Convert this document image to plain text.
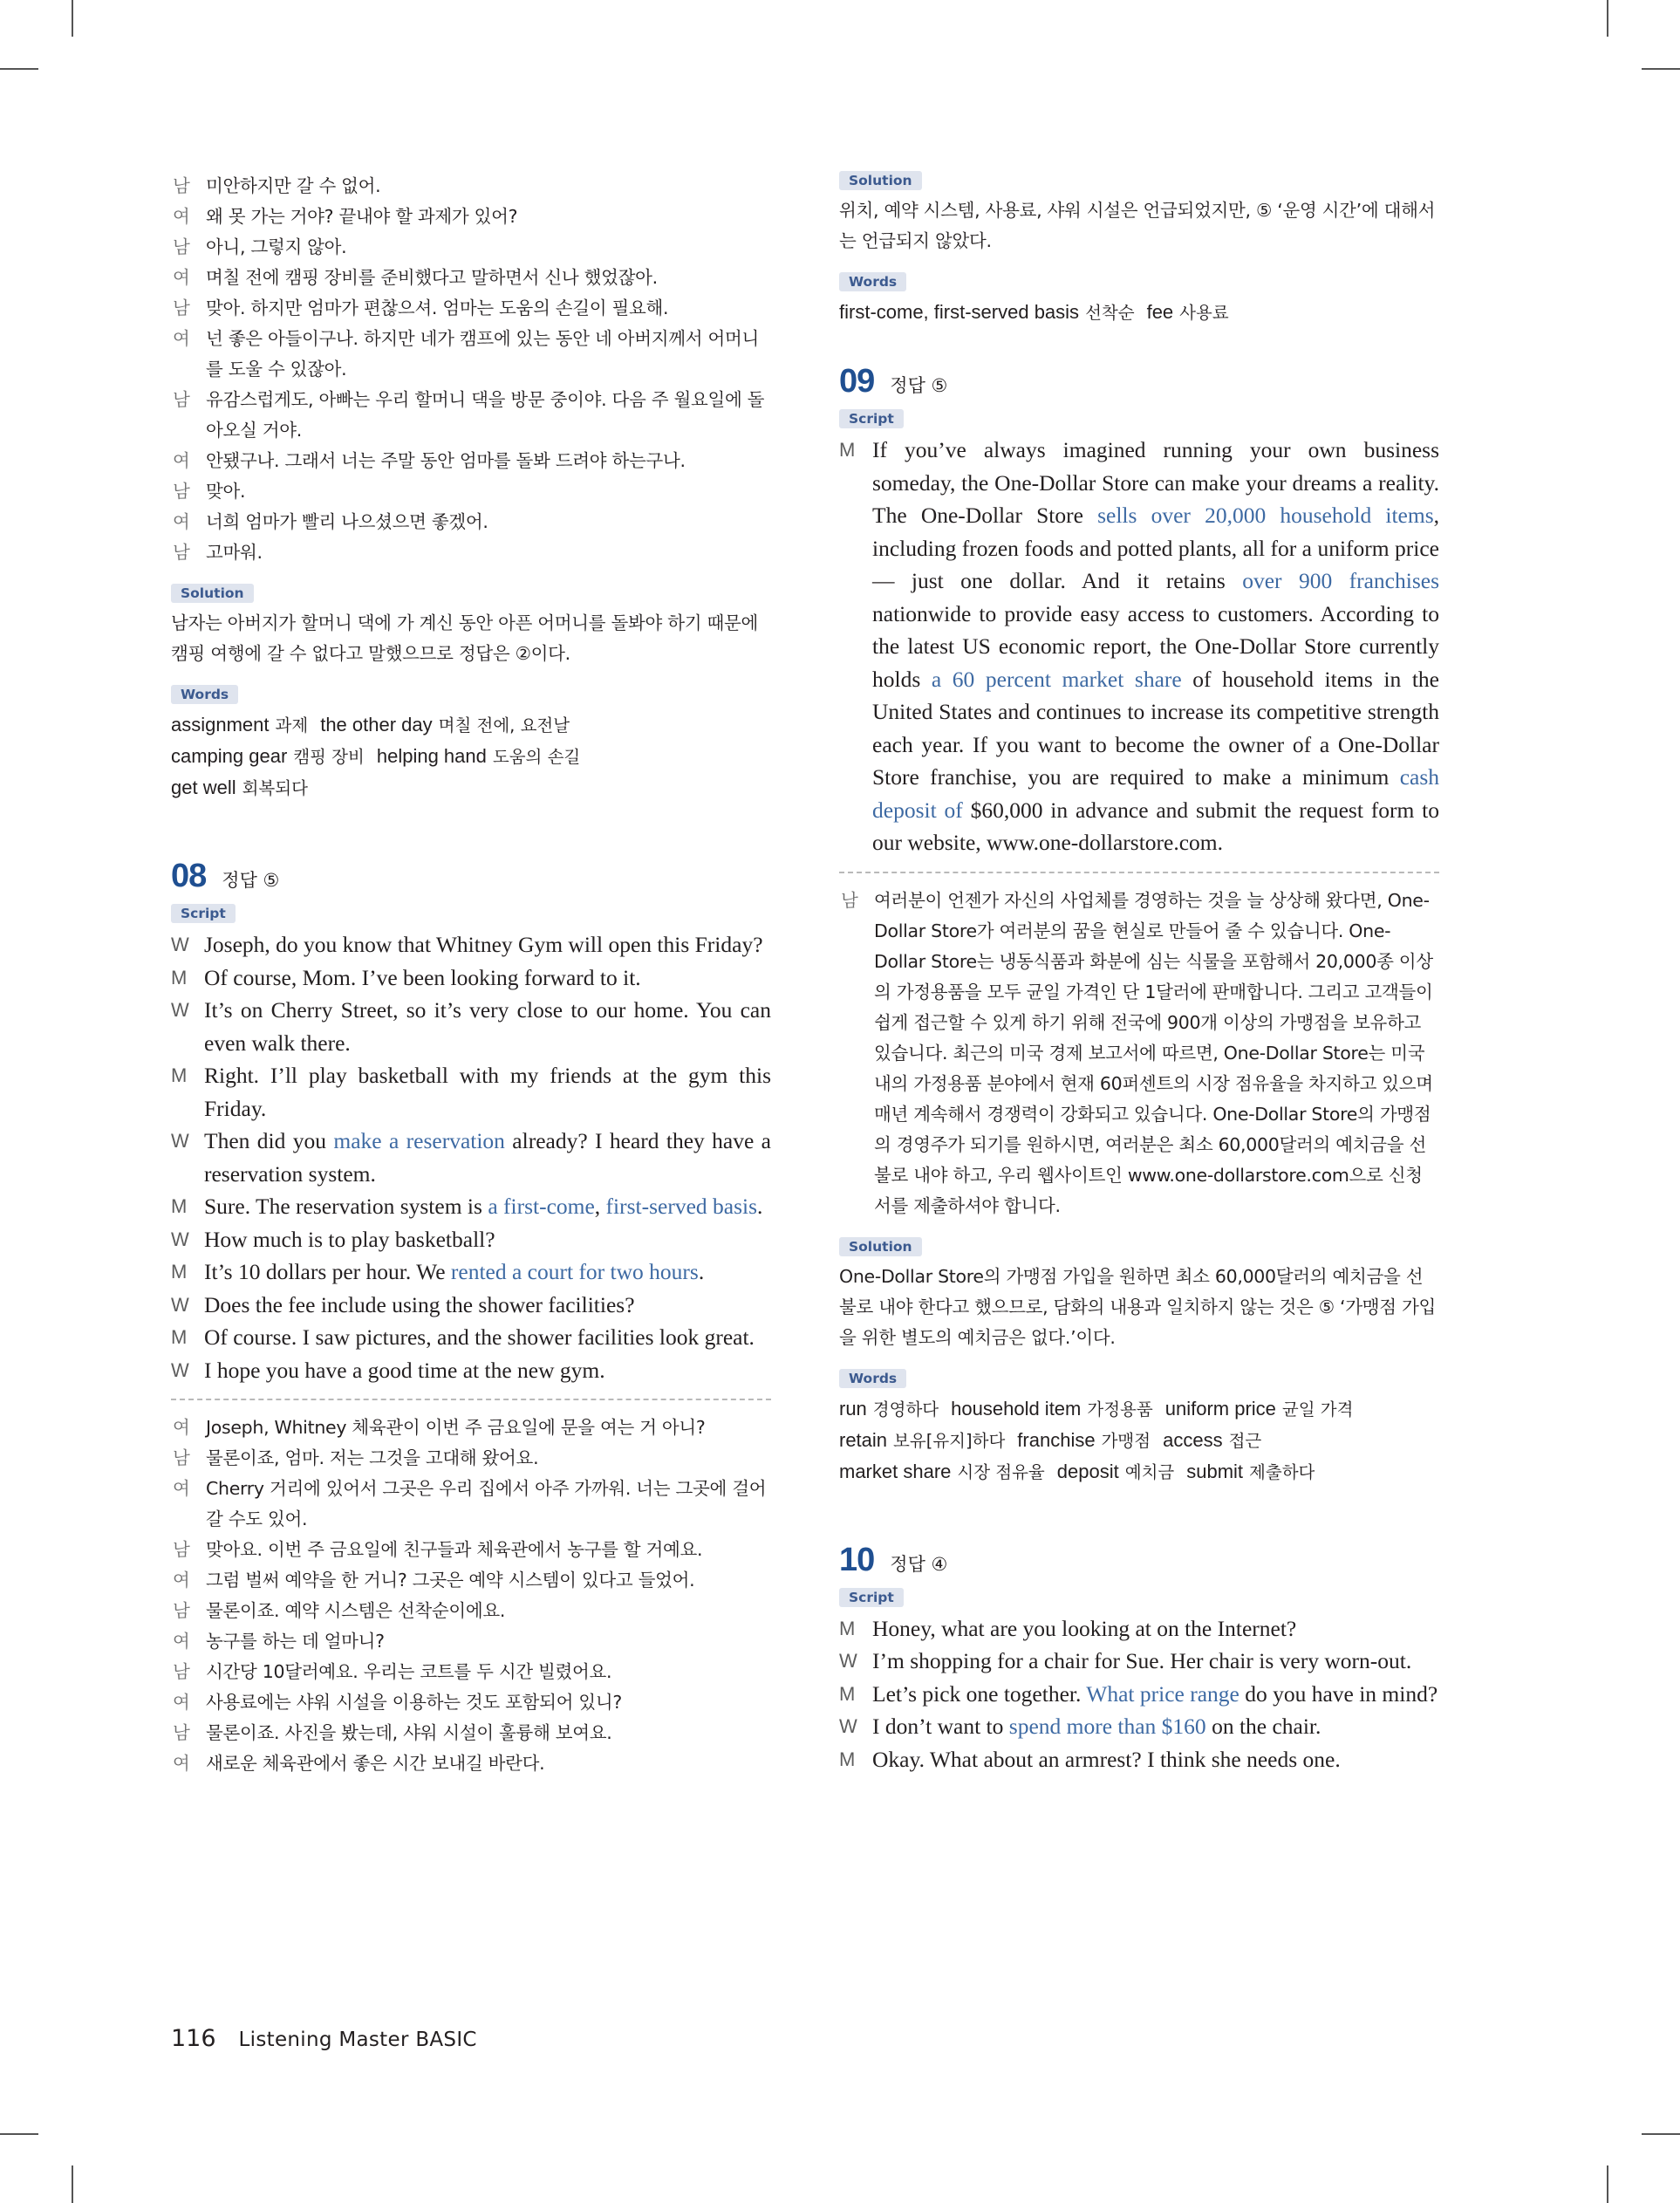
남 미안하지만 갈 수 없어.
여 왜 못 가는 거야? 끝내야 할 과제가 있어?
남 아니, 그렇지 않아.
여 며칠 전에 캠핑 장비를 준비했다고 말하면서 신나 했었잖아.
남 맞아. 하지만 엄마가 편찮으셔. 엄마는 도움의 손길이 필요해.
여 넌 좋은 아들이구나. 하지만 네가 캠프에 있는 동안 네 아버지께서 어머니를 도울 수 있잖아.
남 유감스럽게도, 아빠는 우리 할머니 댁을 방문 중이야. 다음 주 월요일에 돌아오실 거야.
여 안됐구나. 그래서 너는 주말 동안 엄마를 돌봐 드려야 하는구나.
남 맞아.
여 너희 엄마가 빨리 나으셨으면 좋겠어.
남 고마워.
Solution
남자는 아버지가 할머니 댁에 가 계신 동안 아픈 어머니를 돌봐야 하기 때문에 캠핑 여행에 갈 수 없다고 말했으므로 정답은 ②이다.
Words
assignment 과제 the other day 며칠 전에, 요전날
camping gear 캠핑 장비 helping hand 도움의 손길
get well 회복되다
08 정답 ⑤
Script
W Joseph, do you know that Whitney Gym will open this Friday?
M Of course, Mom. I’ve been looking forward to it.
W It’s on Cherry Street, so it’s very close to our home. You can even walk there.
M Right. I’ll play basketball with my friends at the gym this Friday.
W Then did you make a reservation already? I heard they have a reservation system.
M Sure. The reservation system is a first-come, first-served basis.
W How much is to play basketball?
M It’s 10 dollars per hour. We rented a court for two hours.
W Does the fee include using the shower facilities?
M Of course. I saw pictures, and the shower facilities look great.
W I hope you have a good time at the new gym.
여 Joseph, Whitney 체육관이 이번 주 금요일에 문을 여는 거 아니?
남 물론이죠, 엄마. 저는 그것을 고대해 왔어요.
여 Cherry 거리에 있어서 그곳은 우리 집에서 아주 가까워. 너는 그곳에 걸어갈 수도 있어.
남 맞아요. 이번 주 금요일에 친구들과 체육관에서 농구를 할 거예요.
여 그럼 벌써 예약을 한 거니? 그곳은 예약 시스템이 있다고 들었어.
남 물론이죠. 예약 시스템은 선착순이에요.
여 농구를 하는 데 얼마니?
남 시간당 10달러예요. 우리는 코트를 두 시간 빌렸어요.
여 사용료에는 샤워 시설을 이용하는 것도 포함되어 있니?
남 물론이죠. 사진을 봤는데, 샤워 시설이 훌륭해 보여요.
여 새로운 체육관에서 좋은 시간 보내길 바란다.
Solution
위치, 예약 시스템, 사용료, 샤워 시설은 언급되었지만, ⑤ ‘운영 시간’에 대해서는 언급되지 않았다.
Words
first-come, first-served basis 선착순 fee 사용료
09 정답 ⑤
Script
M If you’ve always imagined running your own business someday, the One-Dollar Store can make your dreams a reality. The One-Dollar Store sells over 20,000 household items, including frozen foods and potted plants, all for a uniform price — just one dollar. And it retains over 900 franchises nationwide to provide easy access to customers. According to the latest US economic report, the One-Dollar Store currently holds a 60 percent market share of household items in the United States and continues to increase its competitive strength each year. If you want to become the owner of a One-Dollar Store franchise, you are required to make a minimum cash deposit of $60,000 in advance and submit the request form to our website, www.one-dollarstore.com.
남 여러분이 언젠가 자신의 사업체를 경영하는 것을 늘 상상해 왔다면, One-Dollar Store가 여러분의 꿈을 현실로 만들어 줄 수 있습니다. One-Dollar Store는 냉동식품과 화분에 심는 식물을 포함해서 20,000종 이상의 가정용품을 모두 균일 가격인 단 1달러에 판매합니다. 그리고 고객들이 쉽게 접근할 수 있게 하기 위해 전국에 900개 이상의 가맹점을 보유하고 있습니다. 최근의 미국 경제 보고서에 따르면, One-Dollar Store는 미국 내의 가정용품 분야에서 현재 60퍼센트의 시장 점유율을 차지하고 있으며 매년 계속해서 경쟁력이 강화되고 있습니다. One-Dollar Store의 가맹점의 경영주가 되기를 원하시면, 여러분은 최소 60,000달러의 예치금을 선불로 내야 하고, 우리 웹사이트인 www.one-dollarstore.com으로 신청서를 제출하셔야 합니다.
Solution
One-Dollar Store의 가맹점 가입을 원하면 최소 60,000달러의 예치금을 선불로 내야 한다고 했으므로, 담화의 내용과 일치하지 않는 것은 ⑤ ‘가맹점 가입을 위한 별도의 예치금은 없다.’이다.
Words
run 경영하다 household item 가정용품 uniform price 균일 가격
retain 보유[유지]하다 franchise 가맹점 access 접근
market share 시장 점유율 deposit 예치금 submit 제출하다
10 정답 ④
Script
M Honey, what are you looking at on the Internet?
W I’m shopping for a chair for Sue. Her chair is very worn-out.
M Let’s pick one together. What price range do you have in mind?
W I don’t want to spend more than $160 on the chair.
M Okay. What about an armrest? I think she needs one.
116 Listening Master BASIC
